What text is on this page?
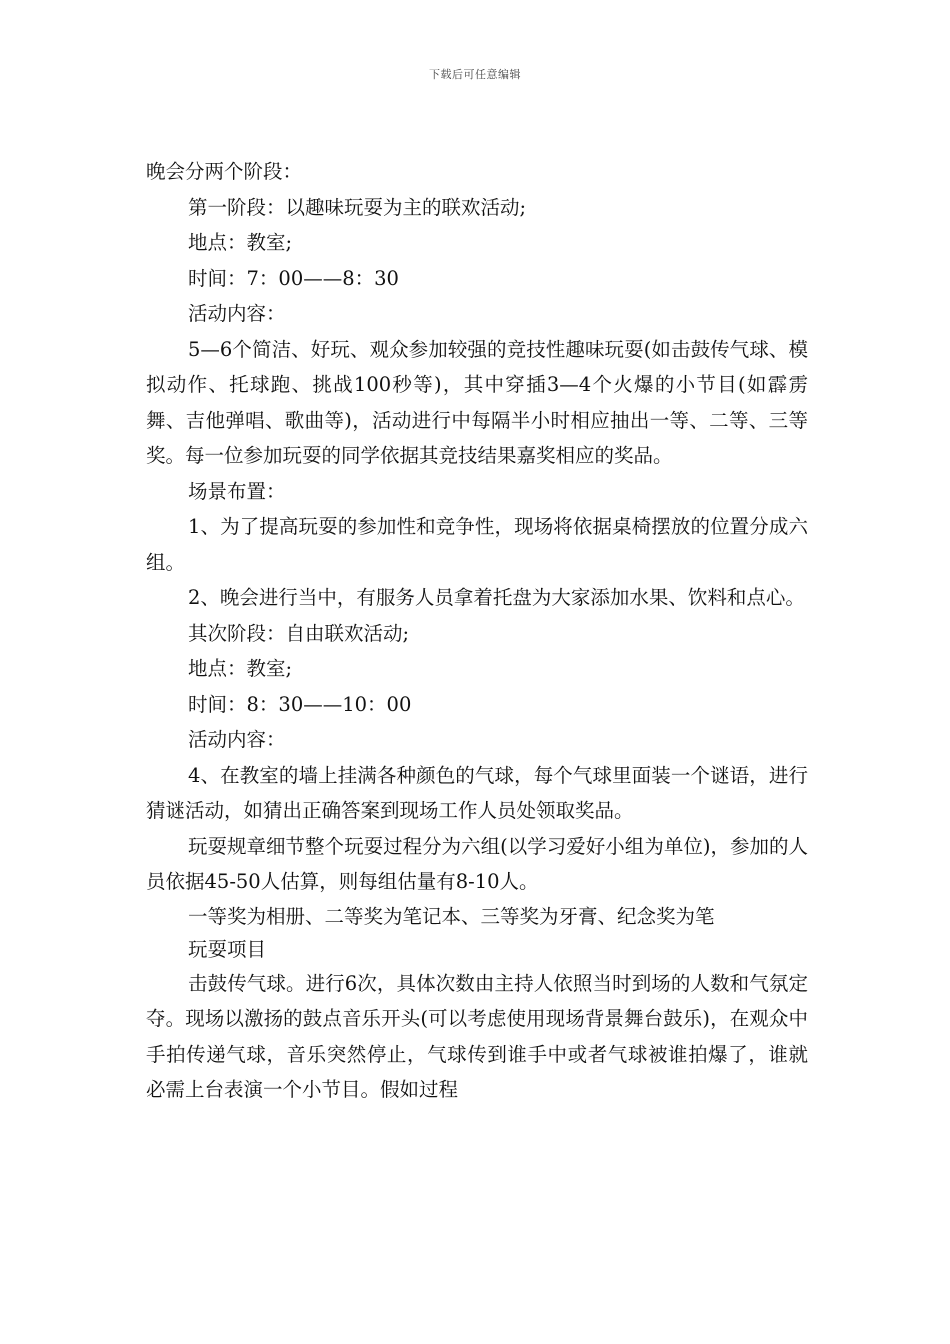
下载后可任意编辑

晚会分两个阶段：

第一阶段：以趣味玩耍为主的联欢活动;

地点：教室;

时间：7：00——8：30

活动内容：

5—6个简洁、好玩、观众参加较强的竞技性趣味玩耍(如击鼓传气球、模拟动作、托球跑、挑战100秒等)，其中穿插3—4个火爆的小节目(如霹雳舞、吉他弹唱、歌曲等)，活动进行中每隔半小时相应抽出一等、二等、三等奖。每一位参加玩耍的同学依据其竞技结果嘉奖相应的奖品。

场景布置：

1、为了提高玩耍的参加性和竞争性，现场将依据桌椅摆放的位置分成六组。

2、晚会进行当中，有服务人员拿着托盘为大家添加水果、饮料和点心。

其次阶段：自由联欢活动;

地点：教室;

时间：8：30——10：00

活动内容：

4、在教室的墙上挂满各种颜色的气球，每个气球里面装一个谜语，进行猜谜活动，如猜出正确答案到现场工作人员处领取奖品。

玩耍规章细节整个玩耍过程分为六组(以学习爱好小组为单位)，参加的人员依据45-50人估算，则每组估量有8-10人。

一等奖为相册、二等奖为笔记本、三等奖为牙膏、纪念奖为笔

玩耍项目

击鼓传气球。进行6次，具体次数由主持人依照当时到场的人数和气氛定夺。现场以激扬的鼓点音乐开头(可以考虑使用现场背景舞台鼓乐)，在观众中手拍传递气球，音乐突然停止，气球传到谁手中或者气球被谁拍爆了，谁就必需上台表演一个小节目。假如过程
